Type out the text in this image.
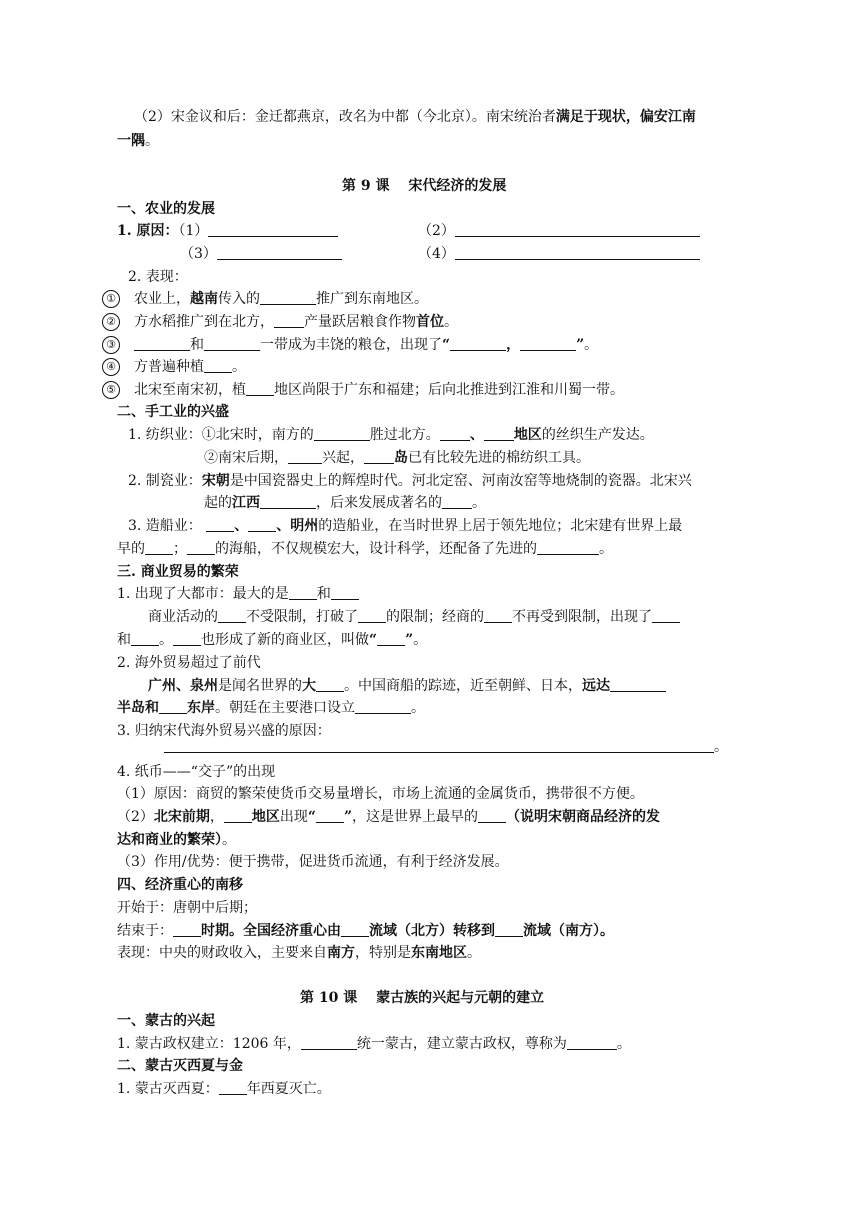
（2）宋金议和后：金迁都燕京，改名为中都（今北京）。南宋统治者满足于现状，偏安江南
一隅。
第 9 课　 宋代经济的发展
一、农业的发展
1. 原因：（1）	（2）
（3）	（4）
2. 表现：
① 农业上，越南传入的	推广到东南地区。
② 方水稻推广到在北方， 产量跃居粮食作物首位。
③	和	一带成为丰饶的粮仓，出现了“	，	”。
④ 方普遍种植 。
⑤ 北宋至南宋初，植 地区尚限于广东和福建；后向北推进到江淮和川蜀一带。
二、手工业的兴盛
1. 纺织业：①北宋时，南方的	胜过北方。 、 地区的丝织生产发达。
②南宋后期， 兴起， 岛已有比较先进的棉纺织工具。
2. 制瓷业：宋朝是中国瓷器史上的辉煌时代。河北定窑、河南汝窑等地烧制的瓷器。北宋兴
起的江西	，后来发展成著名的 。
3. 造船业： 、 、明州的造船业，在当时世界上居于领先地位；北宋建有世界上最
早的 ； 的海船，不仅规模宏大，设计科学，还配备了先进的	。
三. 商业贸易的繁荣
1. 出现了大都市：最大的是 和
商业活动的 不受限制，打破了 的限制；经商的 不再受到限制，出现了
和 。 也形成了新的商业区，叫做“ ”。
2. 海外贸易超过了前代
广州、泉州是闻名世界的大 。中国商船的踪迹，近至朝鲜、日本，远达
半岛和 东岸。朝廷在主要港口设立	。
3. 归纳宋代海外贸易兴盛的原因：
。
4. 纸币——“交子”的出现
（1）原因：商贸的繁荣使货币交易量增长，市场上流通的金属货币，携带很不方便。
（2）北宋前期， 地区出现“ ”，这是世界上最早的 （说明宋朝商品经济的发
达和商业的繁荣）。
（3）作用/优势：便于携带，促进货币流通，有利于经济发展。
四、经济重心的南移
开始于：唐朝中后期；
结束于： 时期。全国经济重心由 流域（北方）转移到 流域（南方）。
表现：中央的财政收入，主要来自南方，特别是东南地区。
第 10 课　 蒙古族的兴起与元朝的建立
一、蒙古的兴起
1. 蒙古政权建立：1206 年，	统一蒙古，建立蒙古政权，尊称为	。
二、蒙古灭西夏与金
1. 蒙古灭西夏： 年西夏灭亡。
